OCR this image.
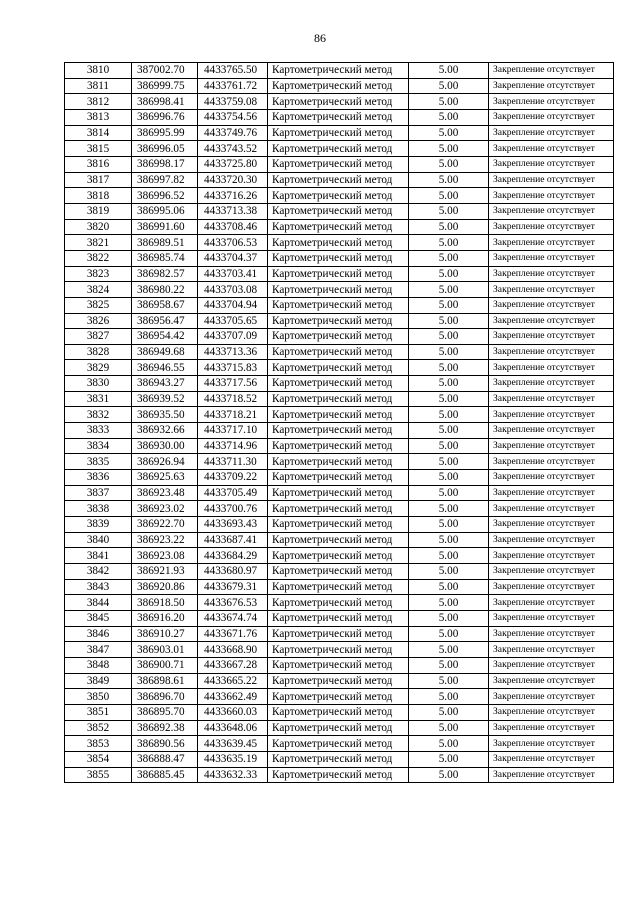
86
3810	387002.70	4433765.50	Картометрический метод	5.00	Закрепление отсутствует
3811	386999.75	4433761.72	Картометрический метод	5.00	Закрепление отсутствует
3812	386998.41	4433759.08	Картометрический метод	5.00	Закрепление отсутствует
3813	386996.76	4433754.56	Картометрический метод	5.00	Закрепление отсутствует
3814	386995.99	4433749.76	Картометрический метод	5.00	Закрепление отсутствует
3815	386996.05	4433743.52	Картометрический метод	5.00	Закрепление отсутствует
3816	386998.17	4433725.80	Картометрический метод	5.00	Закрепление отсутствует
3817	386997.82	4433720.30	Картометрический метод	5.00	Закрепление отсутствует
3818	386996.52	4433716.26	Картометрический метод	5.00	Закрепление отсутствует
3819	386995.06	4433713.38	Картометрический метод	5.00	Закрепление отсутствует
3820	386991.60	4433708.46	Картометрический метод	5.00	Закрепление отсутствует
3821	386989.51	4433706.53	Картометрический метод	5.00	Закрепление отсутствует
3822	386985.74	4433704.37	Картометрический метод	5.00	Закрепление отсутствует
3823	386982.57	4433703.41	Картометрический метод	5.00	Закрепление отсутствует
3824	386980.22	4433703.08	Картометрический метод	5.00	Закрепление отсутствует
3825	386958.67	4433704.94	Картометрический метод	5.00	Закрепление отсутствует
3826	386956.47	4433705.65	Картометрический метод	5.00	Закрепление отсутствует
3827	386954.42	4433707.09	Картометрический метод	5.00	Закрепление отсутствует
3828	386949.68	4433713.36	Картометрический метод	5.00	Закрепление отсутствует
3829	386946.55	4433715.83	Картометрический метод	5.00	Закрепление отсутствует
3830	386943.27	4433717.56	Картометрический метод	5.00	Закрепление отсутствует
3831	386939.52	4433718.52	Картометрический метод	5.00	Закрепление отсутствует
3832	386935.50	4433718.21	Картометрический метод	5.00	Закрепление отсутствует
3833	386932.66	4433717.10	Картометрический метод	5.00	Закрепление отсутствует
3834	386930.00	4433714.96	Картометрический метод	5.00	Закрепление отсутствует
3835	386926.94	4433711.30	Картометрический метод	5.00	Закрепление отсутствует
3836	386925.63	4433709.22	Картометрический метод	5.00	Закрепление отсутствует
3837	386923.48	4433705.49	Картометрический метод	5.00	Закрепление отсутствует
3838	386923.02	4433700.76	Картометрический метод	5.00	Закрепление отсутствует
3839	386922.70	4433693.43	Картометрический метод	5.00	Закрепление отсутствует
3840	386923.22	4433687.41	Картометрический метод	5.00	Закрепление отсутствует
3841	386923.08	4433684.29	Картометрический метод	5.00	Закрепление отсутствует
3842	386921.93	4433680.97	Картометрический метод	5.00	Закрепление отсутствует
3843	386920.86	4433679.31	Картометрический метод	5.00	Закрепление отсутствует
3844	386918.50	4433676.53	Картометрический метод	5.00	Закрепление отсутствует
3845	386916.20	4433674.74	Картометрический метод	5.00	Закрепление отсутствует
3846	386910.27	4433671.76	Картометрический метод	5.00	Закрепление отсутствует
3847	386903.01	4433668.90	Картометрический метод	5.00	Закрепление отсутствует
3848	386900.71	4433667.28	Картометрический метод	5.00	Закрепление отсутствует
3849	386898.61	4433665.22	Картометрический метод	5.00	Закрепление отсутствует
3850	386896.70	4433662.49	Картометрический метод	5.00	Закрепление отсутствует
3851	386895.70	4433660.03	Картометрический метод	5.00	Закрепление отсутствует
3852	386892.38	4433648.06	Картометрический метод	5.00	Закрепление отсутствует
3853	386890.56	4433639.45	Картометрический метод	5.00	Закрепление отсутствует
3854	386888.47	4433635.19	Картометрический метод	5.00	Закрепление отсутствует
3855	386885.45	4433632.33	Картометрический метод	5.00	Закрепление отсутствует
